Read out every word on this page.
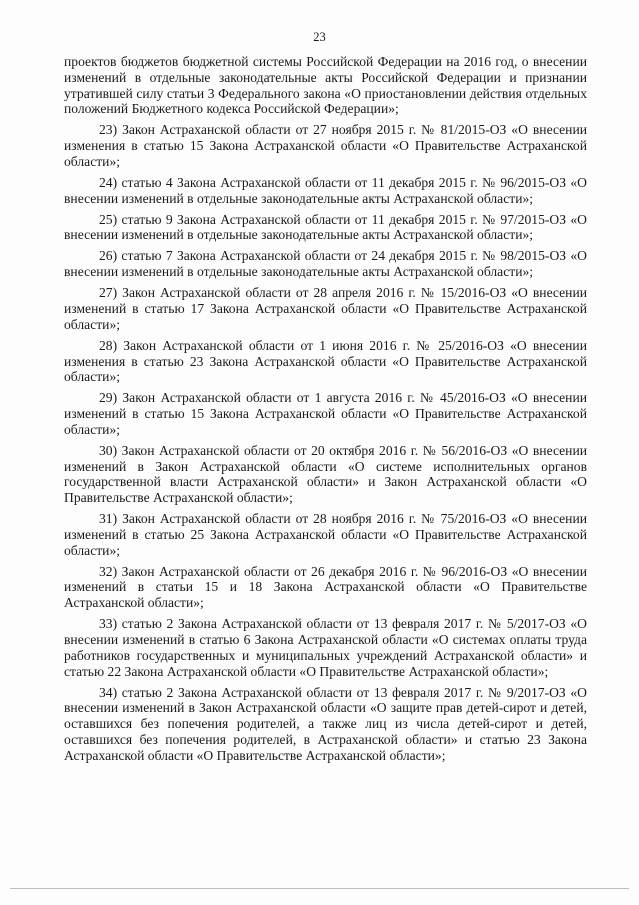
23

проектов бюджетов бюджетной системы Российской Федерации на 2016 год, о внесении изменений в отдельные законодательные акты Российской Федерации и признании утратившей силу статьи 3 Федерального закона «О приостановлении действия отдельных положений Бюджетного кодекса Российской Федерации»;

23) Закон Астраханской области от 27 ноября 2015 г. № 81/2015-ОЗ «О внесении изменения в статью 15 Закона Астраханской области «О Правительстве Астраханской области»;

24) статью 4 Закона Астраханской области от 11 декабря 2015 г. № 96/2015-ОЗ «О внесении изменений в отдельные законодательные акты Астраханской области»;

25) статью 9 Закона Астраханской области от 11 декабря 2015 г. № 97/2015-ОЗ «О внесении изменений в отдельные законодательные акты Астраханской области»;

26) статью 7 Закона Астраханской области от 24 декабря 2015 г. № 98/2015-ОЗ «О внесении изменений в отдельные законодательные акты Астраханской области»;

27) Закон Астраханской области от 28 апреля 2016 г. № 15/2016-ОЗ «О внесении изменений в статью 17 Закона Астраханской области «О Правительстве Астраханской области»;

28) Закон Астраханской области от 1 июня 2016 г. № 25/2016-ОЗ «О внесении изменения в статью 23 Закона Астраханской области «О Правительстве Астраханской области»;

29) Закон Астраханской области от 1 августа 2016 г. № 45/2016-ОЗ «О внесении изменений в статью 15 Закона Астраханской области «О Правительстве Астраханской области»;

30) Закон Астраханской области от 20 октября 2016 г. № 56/2016-ОЗ «О внесении изменений в Закон Астраханской области «О системе исполнительных органов государственной власти Астраханской области» и Закон Астраханской области «О Правительстве Астраханской области»;

31) Закон Астраханской области от 28 ноября 2016 г. № 75/2016-ОЗ «О внесении изменений в статью 25 Закона Астраханской области «О Правительстве Астраханской области»;

32) Закон Астраханской области от 26 декабря 2016 г. № 96/2016-ОЗ «О внесении изменений в статьи 15 и 18 Закона Астраханской области «О Правительстве Астраханской области»;

33) статью 2 Закона Астраханской области от 13 февраля 2017 г. № 5/2017-ОЗ «О внесении изменений в статью 6 Закона Астраханской области «О системах оплаты труда работников государственных и муниципальных учреждений Астраханской области» и статью 22 Закона Астраханской области «О Правительстве Астраханской области»;

34) статью 2 Закона Астраханской области от 13 февраля 2017 г. № 9/2017-ОЗ «О внесении изменений в Закон Астраханской области «О защите прав детей-сирот и детей, оставшихся без попечения родителей, а также лиц из числа детей-сирот и детей, оставшихся без попечения родителей, в Астраханской области» и статью 23 Закона Астраханской области «О Правительстве Астраханской области»;
